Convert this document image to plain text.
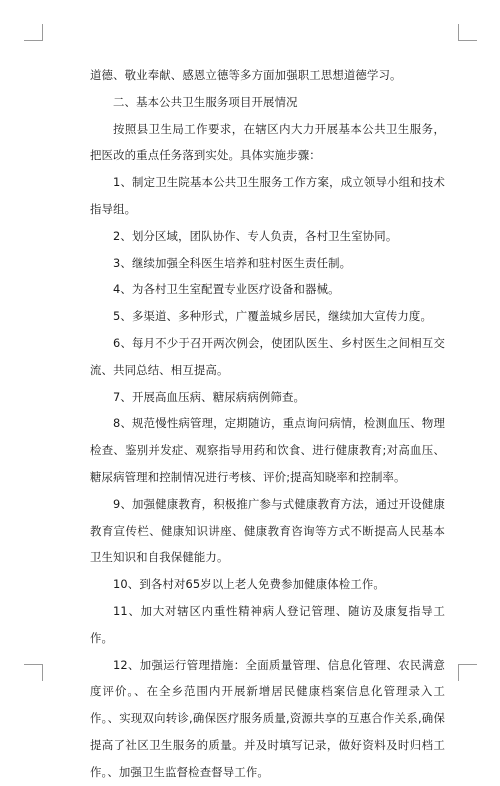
道德、敬业奉献、感恩立德等多方面加强职工思想道德学习。

二、基本公共卫生服务项目开展情况

按照县卫生局工作要求，在辖区内大力开展基本公共卫生服务，把医改的重点任务落到实处。具体实施步骤：

1、制定卫生院基本公共卫生服务工作方案，成立领导小组和技术指导组。

2、划分区域，团队协作、专人负责，各村卫生室协同。

3、继续加强全科医生培养和驻村医生责任制。

4、为各村卫生室配置专业医疗设备和器械。

5、多渠道、多种形式，广覆盖城乡居民，继续加大宣传力度。

6、每月不少于召开两次例会，使团队医生、乡村医生之间相互交流、共同总结、相互提高。

7、开展高血压病、糖尿病病例筛查。

8、规范慢性病管理，定期随访，重点询问病情，检测血压、物理检查、鉴别并发症、观察指导用药和饮食、进行健康教育;对高血压、糖尿病管理和控制情况进行考核、评价;提高知晓率和控制率。

9、加强健康教育，积极推广参与式健康教育方法，通过开设健康教育宣传栏、健康知识讲座、健康教育咨询等方式不断提高人民基本卫生知识和自我保健能力。

10、到各村对65岁以上老人免费参加健康体检工作。

11、加大对辖区内重性精神病人登记管理、随访及康复指导工作。

12、加强运行管理措施：全面质量管理、信息化管理、农民满意度评价。、在全乡范围内开展新增居民健康档案信息化管理录入工作。、实现双向转诊,确保医疗服务质量,资源共享的互惠合作关系,确保提高了社区卫生服务的质量。并及时填写记录，做好资料及时归档工作。、加强卫生监督检查督导工作。
